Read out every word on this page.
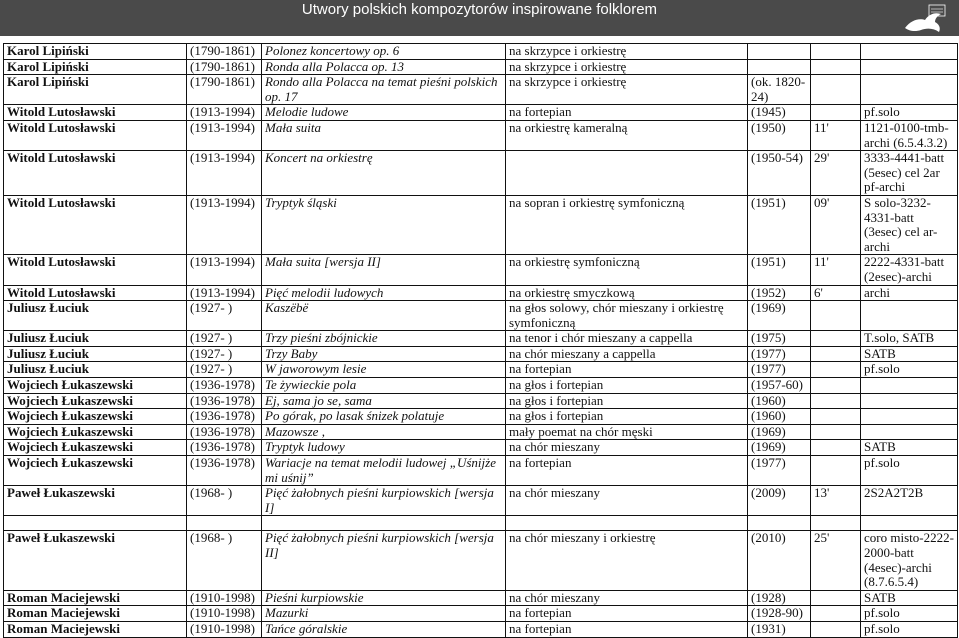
Utwory polskich kompozytorów inspirowane folklorem
Karol Lipiński	(1790-1861)	Polonez koncertowy op. 6	na skrzypce i orkiestrę			
Karol Lipiński	(1790-1861)	Ronda alla Polacca op. 13	na skrzypce i orkiestrę			
Karol Lipiński	(1790-1861)	Rondo alla Polacca na temat pieśni polskich op. 17	na skrzypce i orkiestrę	(ok. 1820-24)		
Witold Lutosławski	(1913-1994)	Melodie ludowe	na fortepian	(1945)		pf.solo
Witold Lutosławski	(1913-1994)	Mała suita	na orkiestrę kameralną	(1950)	11'	1121-0100-tmb-archi (6.5.4.3.2)
Witold Lutosławski	(1913-1994)	Koncert na orkiestrę		(1950-54)	29'	3333-4441-batt (5esec) cel 2ar pf-archi
Witold Lutosławski	(1913-1994)	Tryptyk śląski	na sopran i orkiestrę symfoniczną	(1951)	09'	S solo-3232-4331-batt (3esec) cel ar-archi
Witold Lutosławski	(1913-1994)	Mała suita [wersja II]	na orkiestrę symfoniczną	(1951)	11'	2222-4331-batt (2esec)-archi
Witold Lutosławski	(1913-1994)	Pięć melodii ludowych	na orkiestrę smyczkową	(1952)	6'	archi
Juliusz Łuciuk	(1927- )	Kaszëbë	na głos solowy, chór mieszany i orkiestrę symfoniczną	(1969)		
Juliusz Łuciuk	(1927- )	Trzy pieśni zbójnickie	na tenor i chór mieszany a cappella	(1975)		T.solo, SATB
Juliusz Łuciuk	(1927- )	Trzy Baby	na chór mieszany a cappella	(1977)		SATB
Juliusz Łuciuk	(1927- )	W jaworowym lesie	na fortepian	(1977)		pf.solo
Wojciech Łukaszewski	(1936-1978)	Te żywieckie pola	na głos i fortepian	(1957-60)		
Wojciech Łukaszewski	(1936-1978)	Ej, sama jo se, sama	na głos i fortepian	(1960)		
Wojciech Łukaszewski	(1936-1978)	Po górak, po lasak śnizek polatuje	na głos i fortepian	(1960)		
Wojciech Łukaszewski	(1936-1978)	Mazowsze ,	mały poemat na chór męski	(1969)		
Wojciech Łukaszewski	(1936-1978)	Tryptyk ludowy	na chór mieszany	(1969)		SATB
Wojciech Łukaszewski	(1936-1978)	Wariacje na temat melodii ludowej „Uśnijże mi uśnij”	na fortepian	(1977)		pf.solo
Paweł Łukaszewski	(1968- )	Pięć żałobnych pieśni kurpiowskich [wersja I]	na chór mieszany	(2009)	13'	2S2A2T2B

Paweł Łukaszewski	(1968- )	Pięć żałobnych pieśni kurpiowskich [wersja II]	na chór mieszany i orkiestrę	(2010)	25'	coro misto-2222-2000-batt (4esec)-archi (8.7.6.5.4)
Roman Maciejewski	(1910-1998)	Pieśni kurpiowskie	na chór mieszany	(1928)		SATB
Roman Maciejewski	(1910-1998)	Mazurki	na fortepian	(1928-90)		pf.solo
Roman Maciejewski	(1910-1998)	Tańce góralskie	na fortepian	(1931)		pf.solo
